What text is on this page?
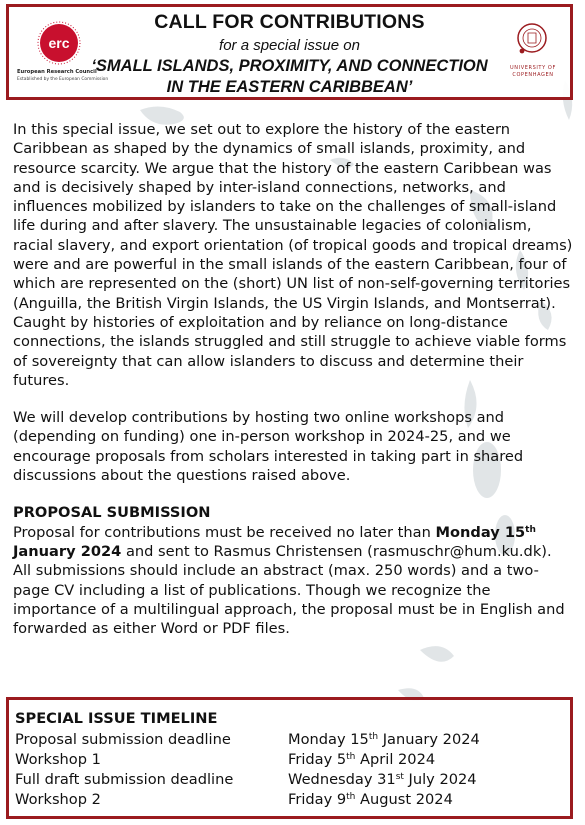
erc
European Research Council
Established by the European Commission
CALL FOR CONTRIBUTIONS
for a special issue on
‘SMALL ISLANDS, PROXIMITY, AND CONNECTION
IN THE EASTERN CARIBBEAN’
UNIVERSITY OF
COPENHAGEN

In this special issue, we set out to explore the history of the eastern Caribbean as shaped by the dynamics of small islands, proximity, and resource scarcity. We argue that the history of the eastern Caribbean was and is decisively shaped by inter-island connections, networks, and influences mobilized by islanders to take on the challenges of small-island life during and after slavery. The unsustainable legacies of colonialism, racial slavery, and export orientation (of tropical goods and tropical dreams) were and are powerful in the small islands of the eastern Caribbean, four of which are represented on the (short) UN list of non-self-governing territories (Anguilla, the British Virgin Islands, the US Virgin Islands, and Montserrat). Caught by histories of exploitation and by reliance on long-distance connections, the islands struggled and still struggle to achieve viable forms of sovereignty that can allow islanders to discuss and determine their futures.

We will develop contributions by hosting two online workshops and (depending on funding) one in-person workshop in 2024-25, and we encourage proposals from scholars interested in taking part in shared discussions about the questions raised above.

PROPOSAL SUBMISSION

Proposal for contributions must be received no later than Monday 15th January 2024 and sent to Rasmus Christensen (rasmuschr@hum.ku.dk). All submissions should include an abstract (max. 250 words) and a two-page CV including a list of publications. Though we recognize the importance of a multilingual approach, the proposal must be in English and forwarded as either Word or PDF files.

SPECIAL ISSUE TIMELINE
Proposal submission deadline	Monday 15th January 2024
Workshop 1	Friday 5th April 2024
Full draft submission deadline	Wednesday 31st July 2024
Workshop 2	Friday 9th August 2024
